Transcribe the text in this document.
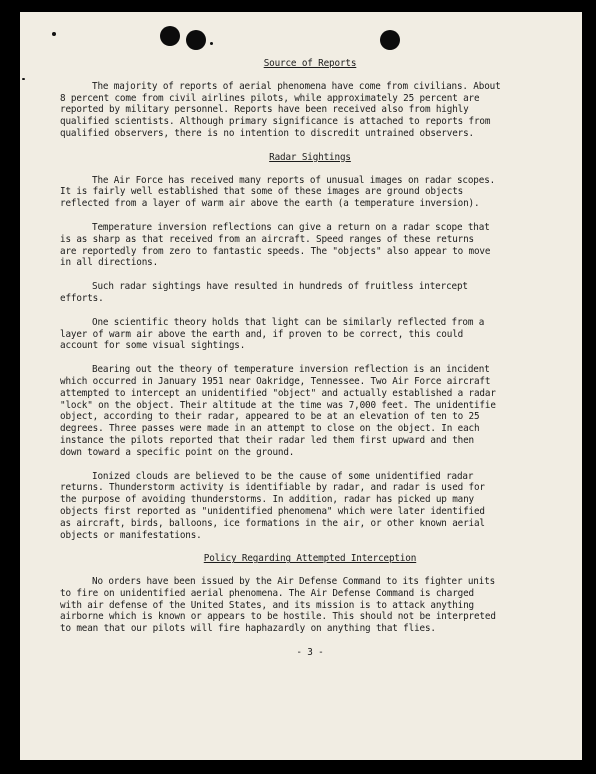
Source of Reports
The majority of reports of aerial phenomena have come from civilians. About
8 percent come from civil airlines pilots, while approximately 25 percent are
reported by military personnel. Reports have been received also from highly
qualified scientists. Although primary significance is attached to reports from
qualified observers, there is no intention to discredit untrained observers.
Radar Sightings
The Air Force has received many reports of unusual images on radar scopes.
It is fairly well established that some of these images are ground objects
reflected from a layer of warm air above the earth (a temperature inversion).
Temperature inversion reflections can give a return on a radar scope that
is as sharp as that received from an aircraft. Speed ranges of these returns
are reportedly from zero to fantastic speeds. The "objects" also appear to move
in all directions.
Such radar sightings have resulted in hundreds of fruitless intercept
efforts.
One scientific theory holds that light can be similarly reflected from a
layer of warm air above the earth and, if proven to be correct, this could
account for some visual sightings.
Bearing out the theory of temperature inversion reflection is an incident
which occurred in January 1951 near Oakridge, Tennessee. Two Air Force aircraft
attempted to intercept an unidentified "object" and actually established a radar
"lock" on the object. Their altitude at the time was 7,000 feet. The unidentifie
object, according to their radar, appeared to be at an elevation of ten to 25
degrees. Three passes were made in an attempt to close on the object. In each
instance the pilots reported that their radar led them first upward and then
down toward a specific point on the ground.
Ionized clouds are believed to be the cause of some unidentified radar
returns. Thunderstorm activity is identifiable by radar, and radar is used for
the purpose of avoiding thunderstorms. In addition, radar has picked up many
objects first reported as "unidentified phenomena" which were later identified
as aircraft, birds, balloons, ice formations in the air, or other known aerial
objects or manifestations.
Policy Regarding Attempted Interception
No orders have been issued by the Air Defense Command to its fighter units
to fire on unidentified aerial phenomena. The Air Defense Command is charged
with air defense of the United States, and its mission is to attack anything
airborne which is known or appears to be hostile. This should not be interpreted
to mean that our pilots will fire haphazardly on anything that flies.
- 3 -
